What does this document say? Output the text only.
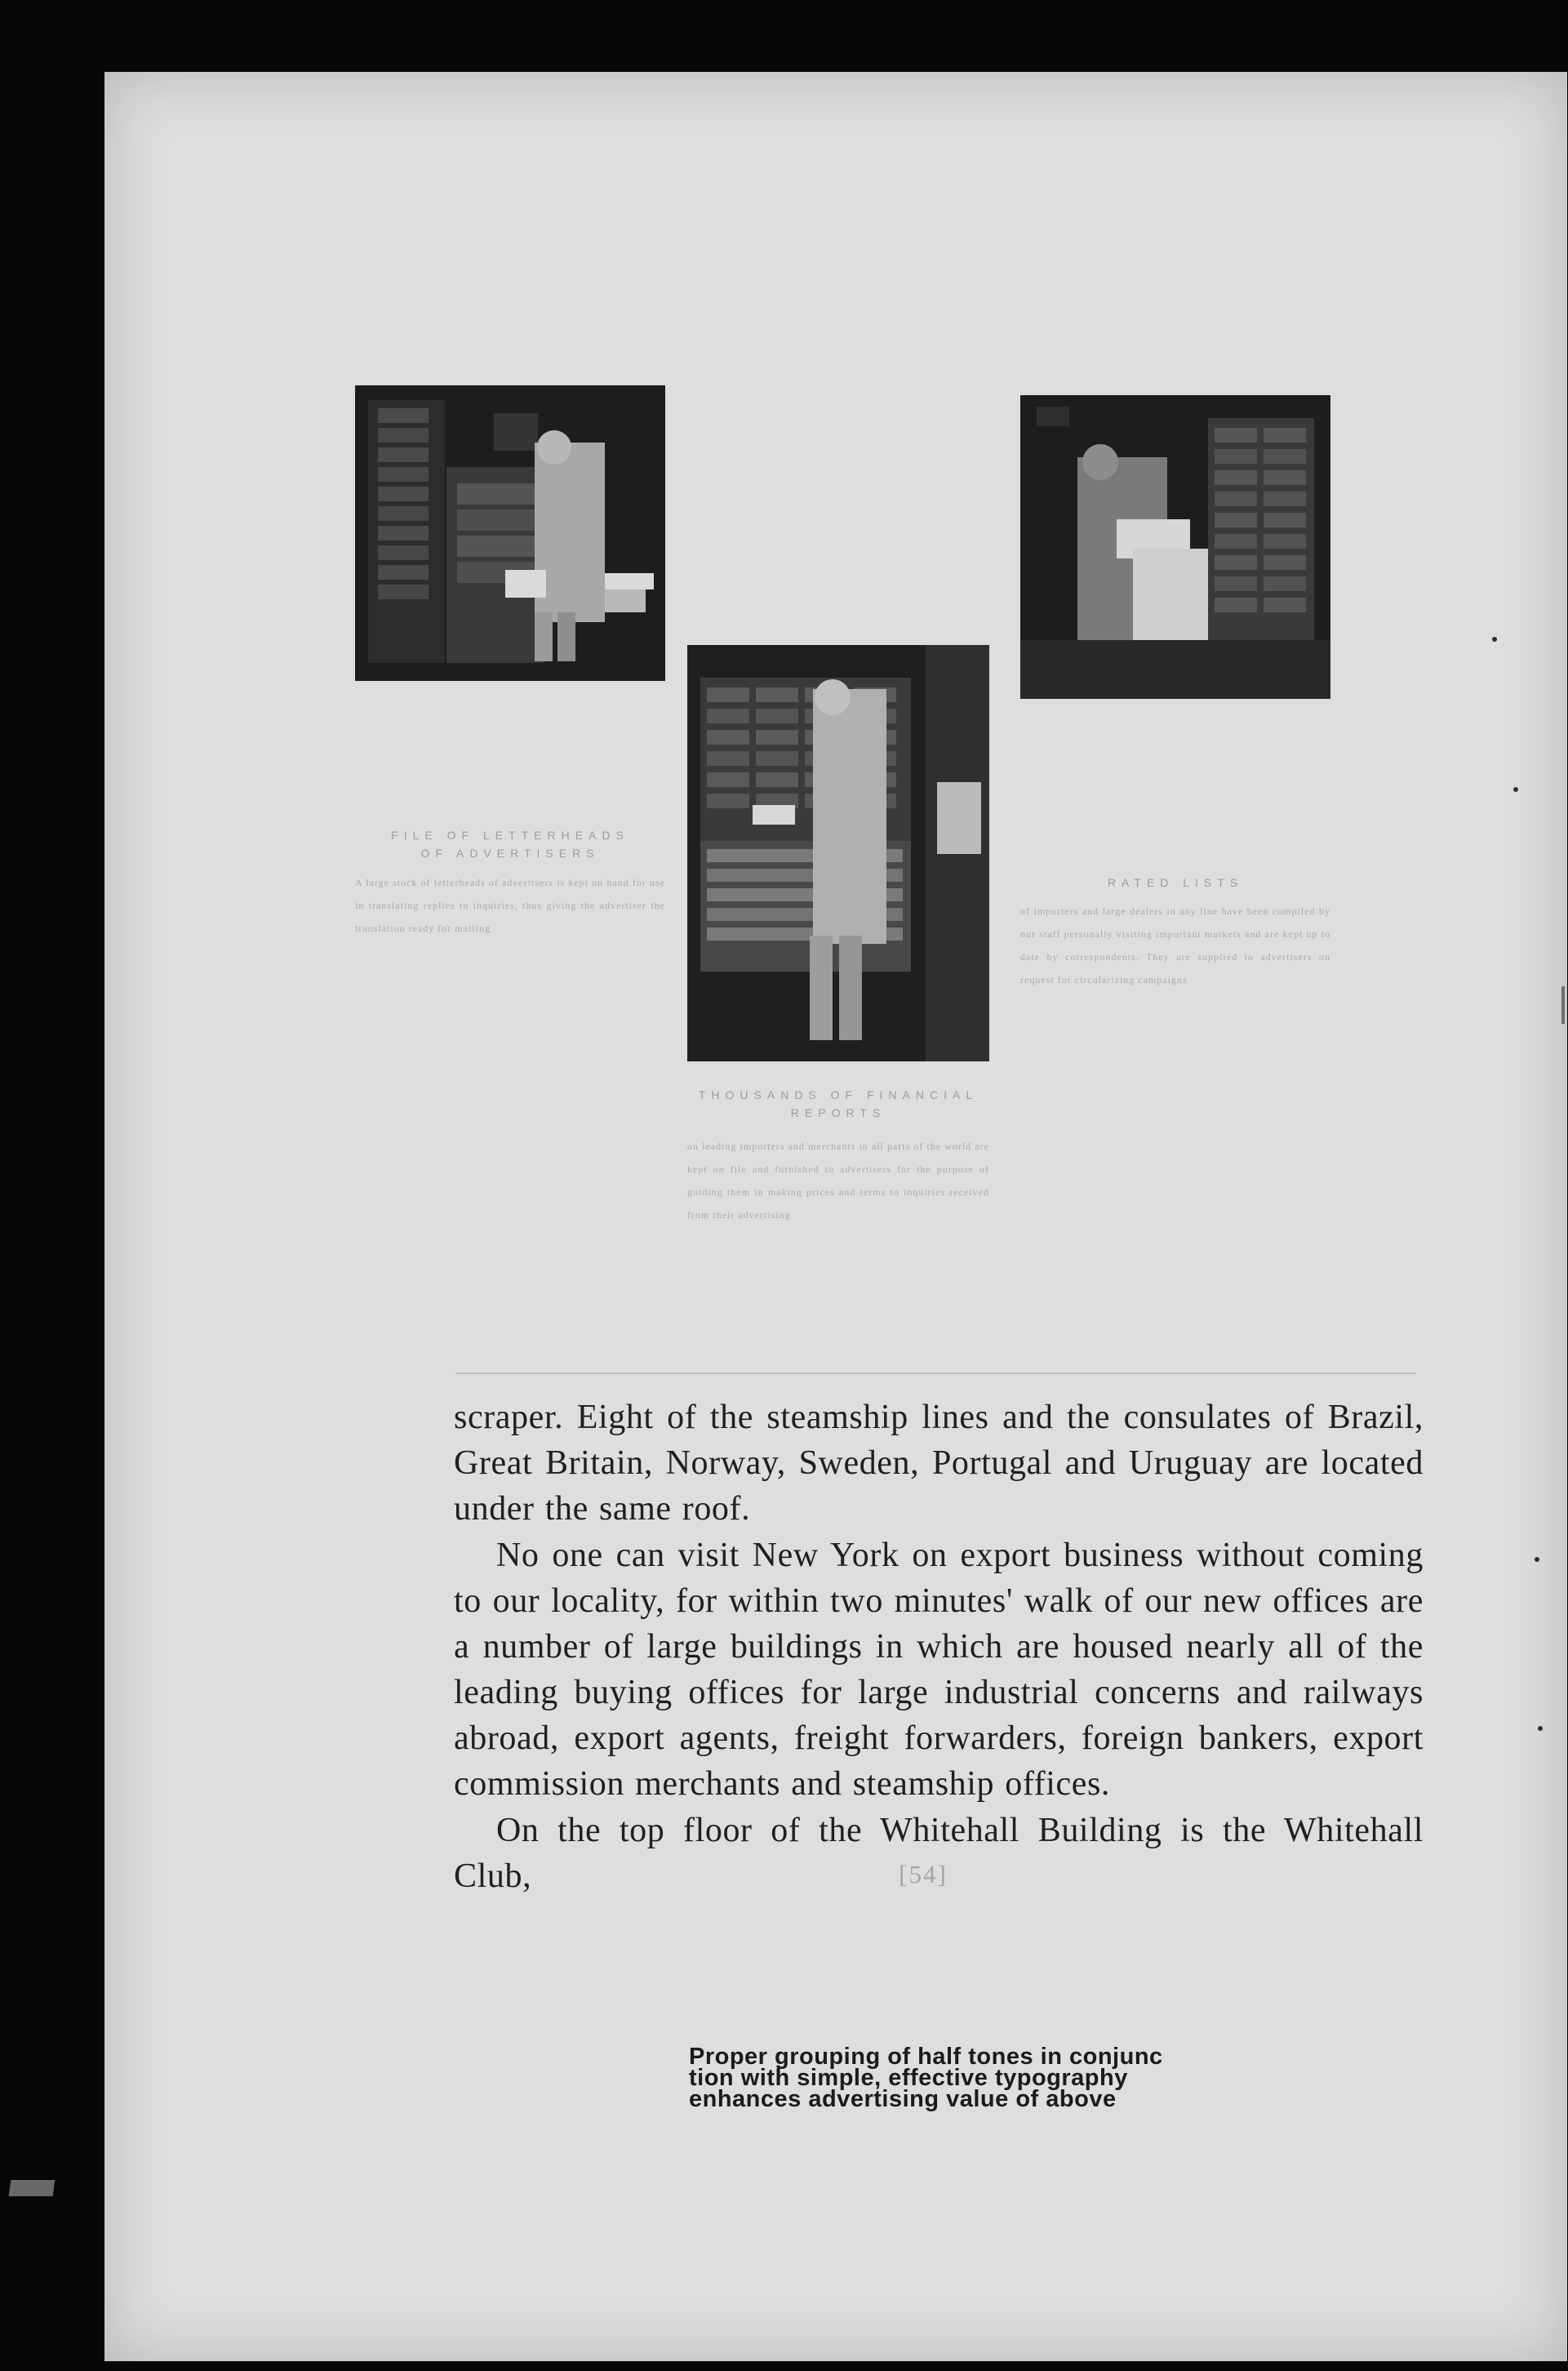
FILE OF LETTERHEADS
OF ADVERTISERS
A large stock of letterheads of advertisers is kept on hand for use in translating replies to inquiries, thus giving the advertiser the translation ready for mailing
THOUSANDS OF FINANCIAL
REPORTS
on leading importers and merchants in all parts of the world are kept on file and furnished to advertisers for the purpose of guiding them in making prices and terms to inquiries received from their advertising
RATED LISTS
of importers and large dealers in any line have been compiled by our staff personally visiting important markets and are kept up to date by correspondents. They are supplied to advertisers on request for circularizing campaigns

scraper. Eight of the steamship lines and the consulates of Brazil, Great Britain, Norway, Sweden, Portugal and Uruguay are located under the same roof.

No one can visit New York on export business without coming to our locality, for within two minutes' walk of our new offices are a number of large buildings in which are housed nearly all of the leading buying offices for large industrial concerns and railways abroad, export agents, freight forwarders, foreign bankers, export commission merchants and steamship offices.

On the top floor of the Whitehall Building is the Whitehall Club,	[54]
Proper grouping of half tones in conjunc
tion with simple, effective typography
enhances advertising value of above
